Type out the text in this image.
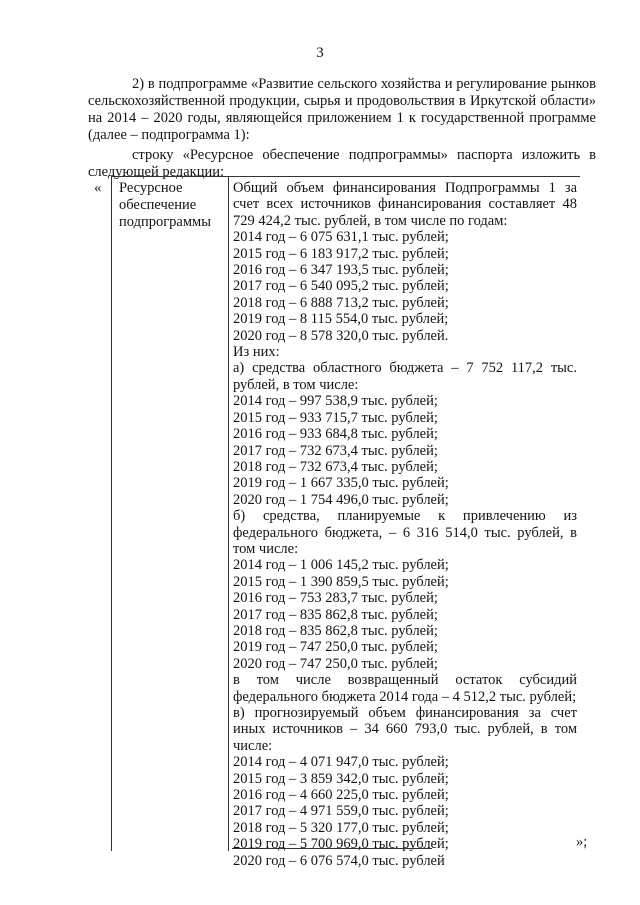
3

2) в подпрограмме «Развитие сельского хозяйства и регулирование рынков сельскохозяйственной продукции, сырья и продовольствия в Иркутской области» на 2014 – 2020 годы, являющейся приложением 1 к государственной программе (далее – подпрограмма 1):

строку «Ресурсное обеспечение подпрограммы» паспорта изложить в следующей редакции:

« Ресурсное обеспечение подпрограммы
Общий объем финансирования Подпрограммы 1 за счет всех источников финансирования составляет 48 729 424,2 тыс. рублей, в том числе по годам:
2014 год – 6 075 631,1 тыс. рублей;
2015 год – 6 183 917,2 тыс. рублей;
2016 год – 6 347 193,5 тыс. рублей;
2017 год – 6 540 095,2 тыс. рублей;
2018 год – 6 888 713,2 тыс. рублей;
2019 год – 8 115 554,0 тыс. рублей;
2020 год – 8 578 320,0 тыс. рублей.
Из них:
а) средства областного бюджета – 7 752 117,2 тыс. рублей, в том числе:
2014 год – 997 538,9 тыс. рублей;
2015 год – 933 715,7 тыс. рублей;
2016 год – 933 684,8 тыс. рублей;
2017 год – 732 673,4 тыс. рублей;
2018 год – 732 673,4 тыс. рублей;
2019 год – 1 667 335,0 тыс. рублей;
2020 год – 1 754 496,0 тыс. рублей;
б) средства, планируемые к привлечению из федерального бюджета, – 6 316 514,0 тыс. рублей, в том числе:
2014 год – 1 006 145,2 тыс. рублей;
2015 год – 1 390 859,5 тыс. рублей;
2016 год – 753 283,7 тыс. рублей;
2017 год – 835 862,8 тыс. рублей;
2018 год – 835 862,8 тыс. рублей;
2019 год – 747 250,0 тыс. рублей;
2020 год – 747 250,0 тыс. рублей;
в том числе возвращенный остаток субсидий федерального бюджета 2014 года – 4 512,2 тыс. рублей;
в) прогнозируемый объем финансирования за счет иных источников – 34 660 793,0 тыс. рублей, в том числе:
2014 год – 4 071 947,0 тыс. рублей;
2015 год – 3 859 342,0 тыс. рублей;
2016 год – 4 660 225,0 тыс. рублей;
2017 год – 4 971 559,0 тыс. рублей;
2018 год – 5 320 177,0 тыс. рублей;
2019 год – 5 700 969,0 тыс. рублей;
2020 год – 6 076 574,0 тыс. рублей
»;
